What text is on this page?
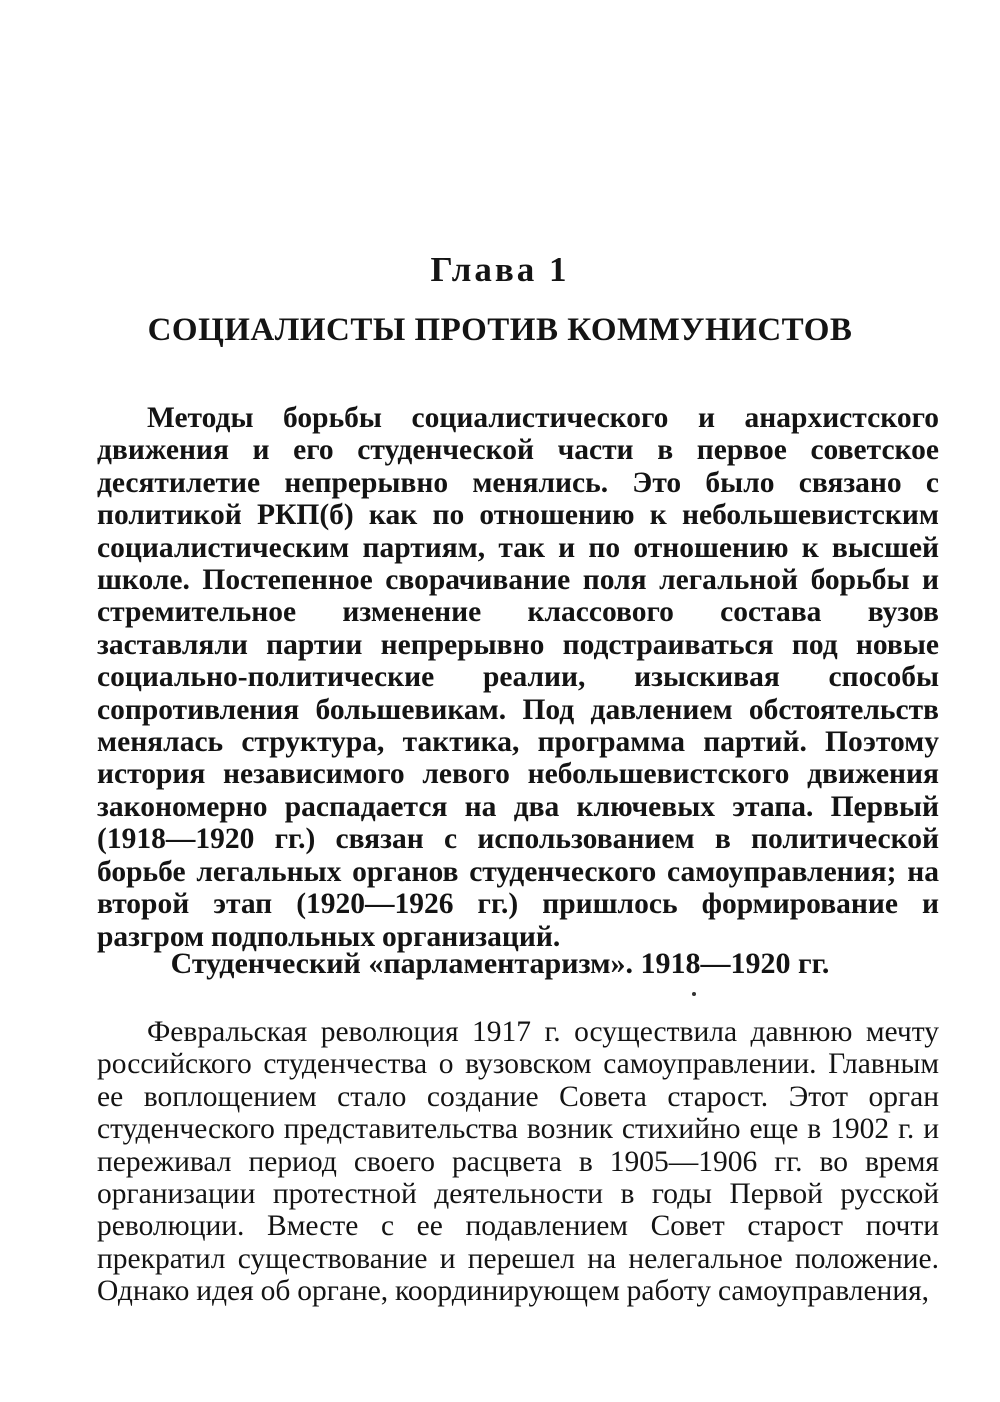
Глава 1
СОЦИАЛИСТЫ ПРОТИВ КОММУНИСТОВ

Методы борьбы социалистического и анархистского движения и его студенческой части в первое советское десятилетие непрерывно менялись. Это было связано с политикой РКП(б) как по отношению к небольшевистским социалистическим партиям, так и по отношению к высшей школе. Постепенное сворачивание поля легальной борьбы и стремительное изменение классового состава вузов заставляли партии непрерывно подстраиваться под новые социально-политические реалии, изыскивая способы сопротивления большевикам. Под давлением обстоятельств менялась структура, тактика, программа партий. Поэтому история независимого левого небольшевистского движения закономерно распадается на два ключевых этапа. Первый (1918—1920 гг.) связан с использованием в политической борьбе легальных органов студенческого самоуправления; на второй этап (1920—1926 гг.) пришлось формирование и разгром подпольных организаций.

Студенческий «парламентаризм». 1918—1920 гг.

Февральская революция 1917 г. осуществила давнюю мечту российского студенчества о вузовском самоуправлении. Главным ее воплощением стало создание Совета старост. Этот орган студенческого представительства возник стихийно еще в 1902 г. и переживал период своего расцвета в 1905—1906 гг. во время организации протестной деятельности в годы Первой русской революции. Вместе с ее подавлением Совет старост почти прекратил существование и перешел на нелегальное положение. Однако идея об органе, координирующем работу самоуправления,
